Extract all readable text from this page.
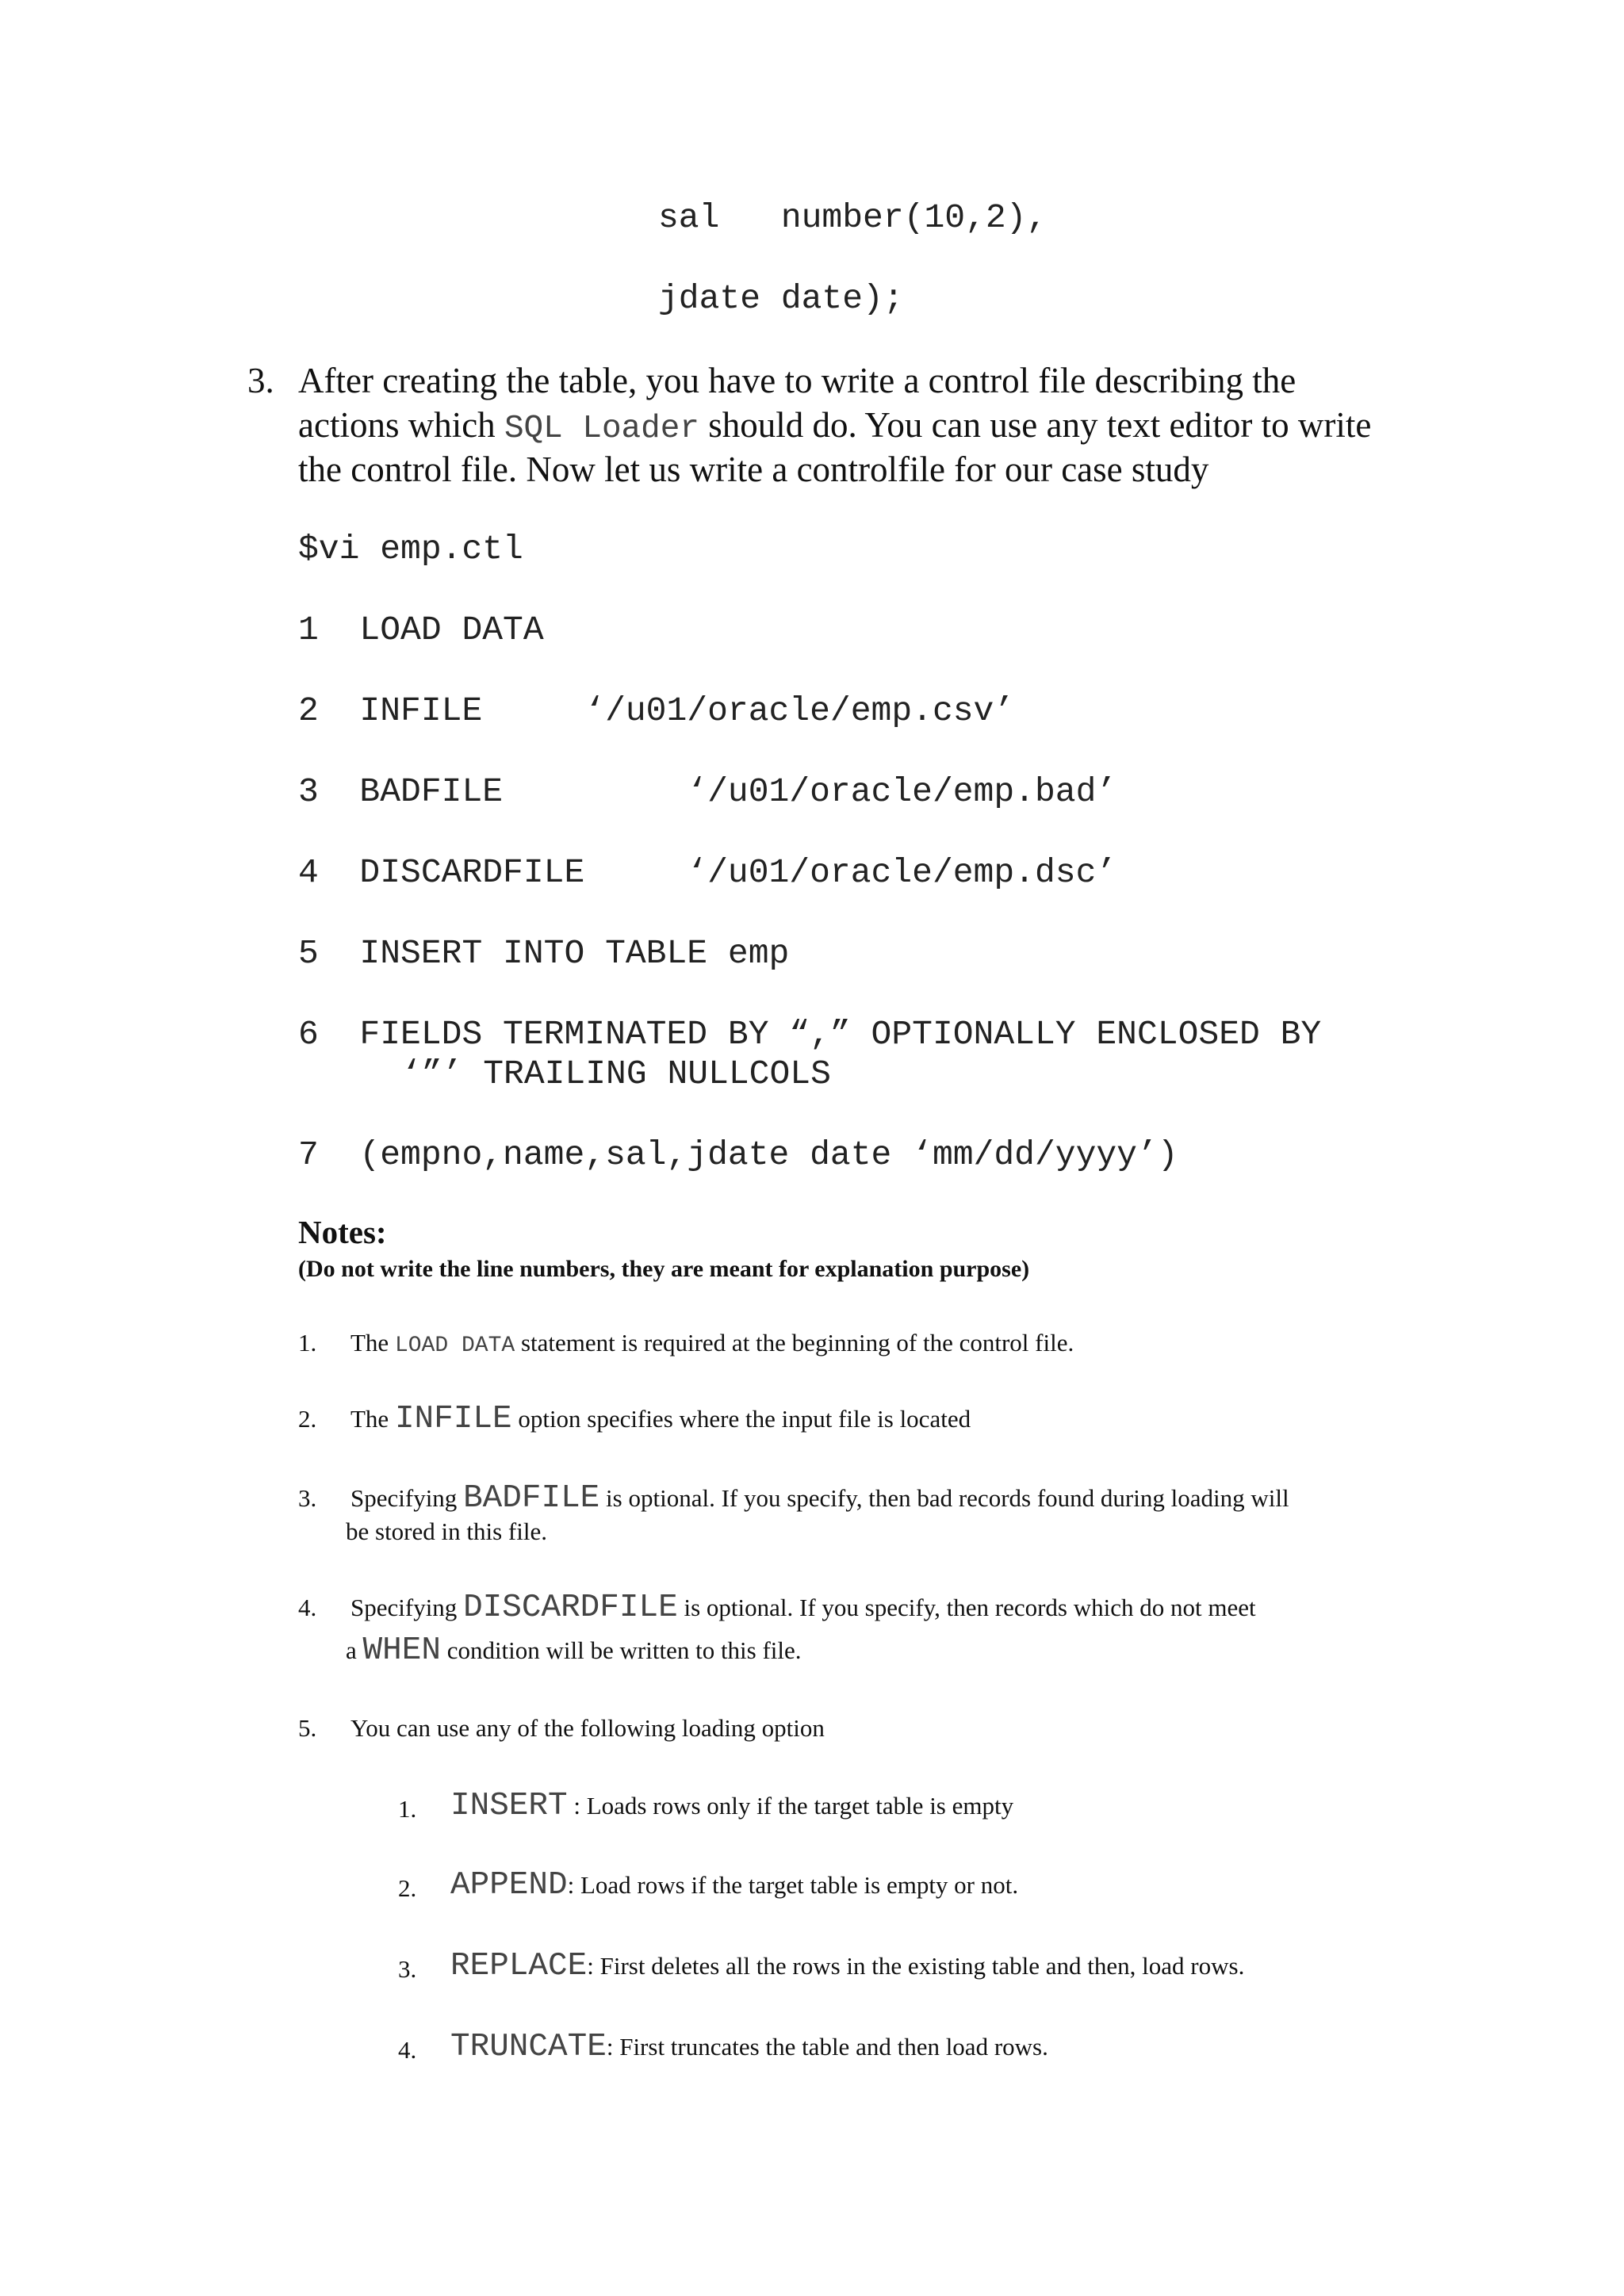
sal   number(10,2),
jdate date);
3. After creating the table, you have to write a control file describing the
actions which SQL Loader should do. You can use any text editor to write
the control file. Now let us write a controlfile for our case study
$vi emp.ctl
1 LOAD DATA
2 INFILE     ‘/u01/oracle/emp.csv’
3 BADFILE         ‘/u01/oracle/emp.bad’
4 DISCARDFILE     ‘/u01/oracle/emp.dsc’
5 INSERT INTO TABLE emp
6 FIELDS TERMINATED BY “,” OPTIONALLY ENCLOSED BY
‘”’ TRAILING NULLCOLS
7 (empno,name,sal,jdate date ‘mm/dd/yyyy’)
Notes:
(Do not write the line numbers, they are meant for explanation purpose)
1. The LOAD DATA statement is required at the beginning of the control file.
2. The INFILE option specifies where the input file is located
3. Specifying BADFILE is optional. If you specify, then bad records found during loading will
be stored in this file.
4. Specifying DISCARDFILE is optional. If you specify, then records which do not meet
a WHEN condition will be written to this file.
5. You can use any of the following loading option
1. INSERT : Loads rows only if the target table is empty
2. APPEND: Load rows if the target table is empty or not.
3. REPLACE: First deletes all the rows in the existing table and then, load rows.
4. TRUNCATE: First truncates the table and then load rows.
